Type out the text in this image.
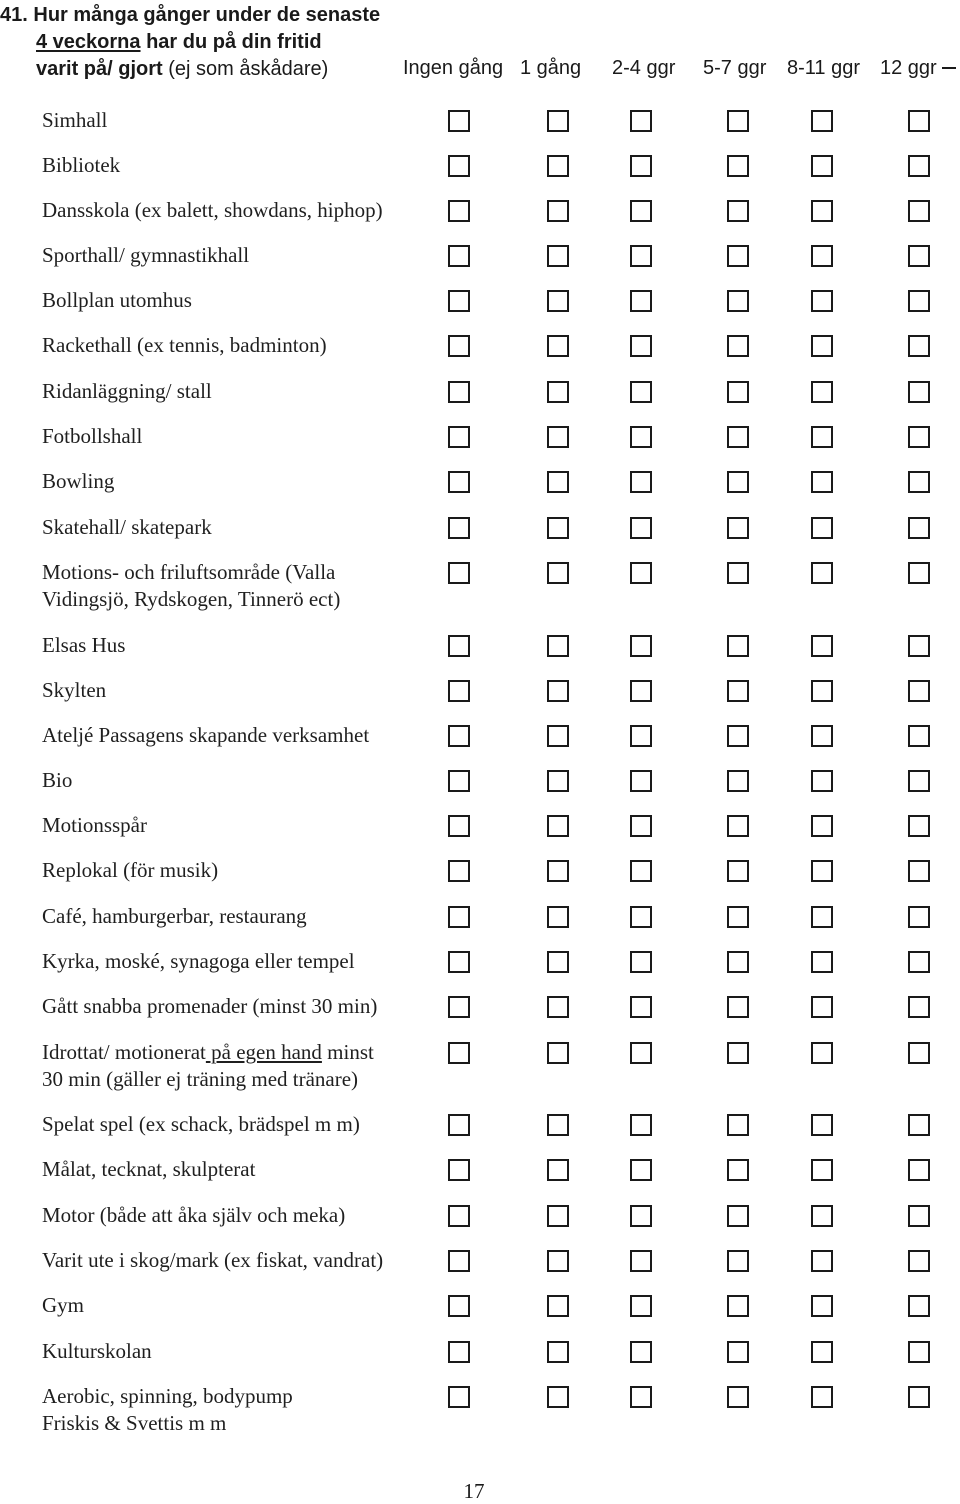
41. Hur många gånger under de senaste
4 veckorna har du på din fritid
varit på/ gjort (ej som åskådare)	Ingen gång 1 gång 2-4 ggr 5-7 ggr 8-11 ggr 12 ggr
Simhall
Bibliotek
Dansskola (ex balett, showdans, hiphop)
Sporthall/ gymnastikhall
Bollplan utomhus
Rackethall (ex tennis, badminton)
Ridanläggning/ stall
Fotbollshall
Bowling
Skatehall/ skatepark
Motions- och friluftsområde (Valla
Vidingsjö, Rydskogen, Tinnerö ect)
Elsas Hus
Skylten
Ateljé Passagens skapande verksamhet
Bio
Motionsspår
Replokal (för musik)
Café, hamburgerbar, restaurang
Kyrka, moské, synagoga eller tempel
Gått snabba promenader (minst 30 min)
Idrottat/ motionerat på egen hand minst
30 min (gäller ej träning med tränare)
Spelat spel (ex schack, brädspel m m)
Målat, tecknat, skulpterat
Motor (både att åka själv och meka)
Varit ute i skog/mark (ex fiskat, vandrat)
Gym
Kulturskolan
Aerobic, spinning, bodypump
Friskis & Svettis m m
17
